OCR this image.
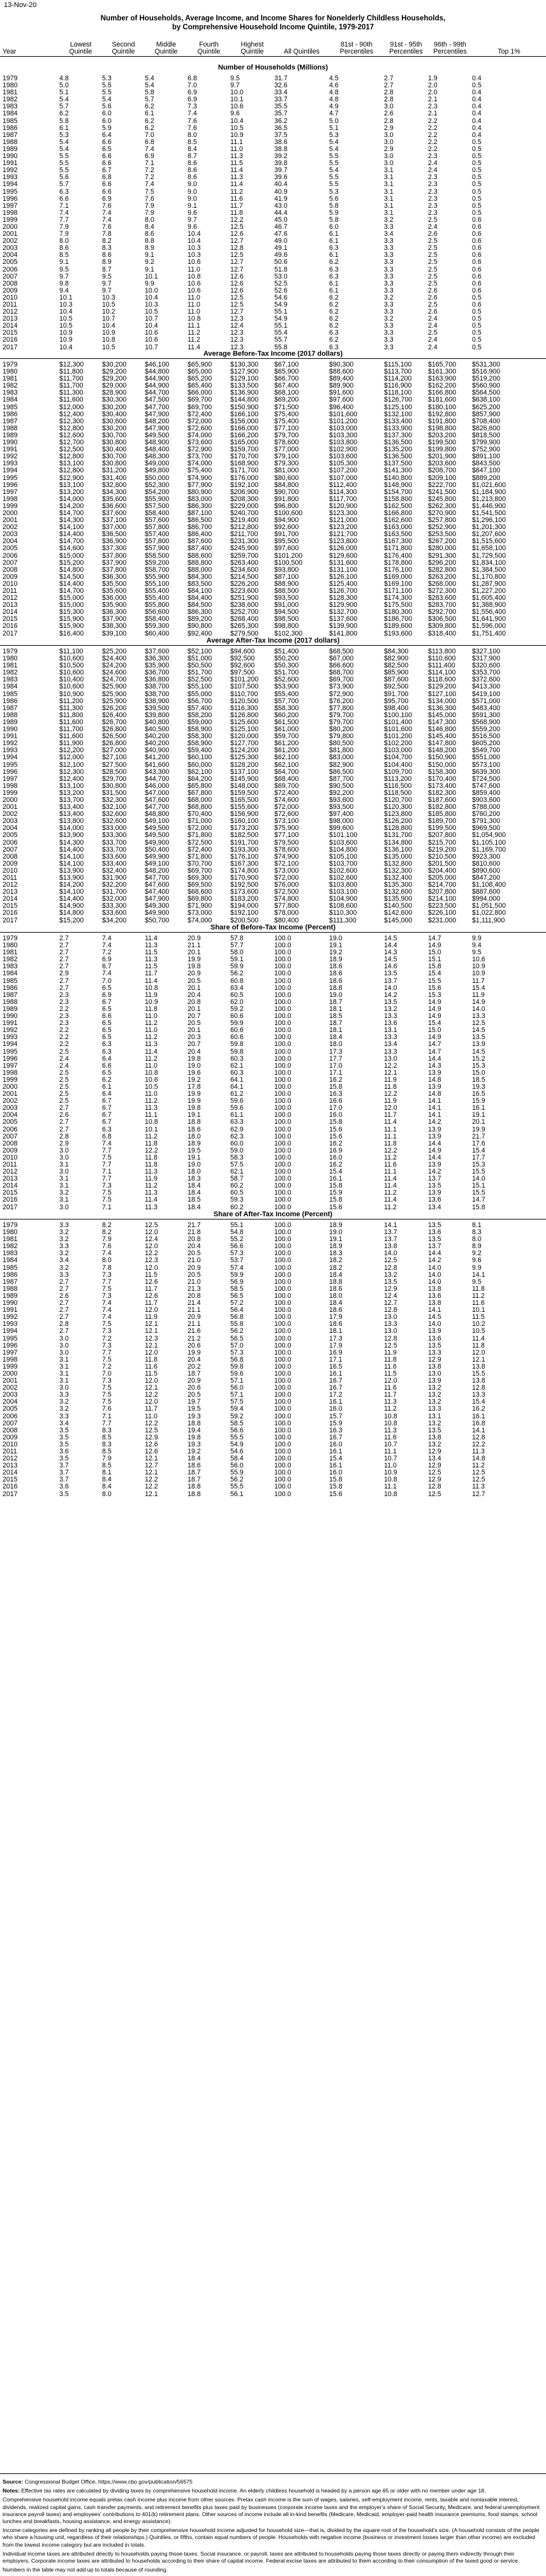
13-Nov-20
Number of Households, Average Income, and Income Shares for Nonelderly Childless Households,
by Comprehensive Household Income Quintile, 1979-2017
Year	Lowest Quintile	Second Quintile	Middle Quintile	Fourth Quintile	Highest Quintile	All Quintiles	81st - 90th Percentiles	91st - 95th Percentiles	96th - 99th Percentiles	Top 1%
Number of Households (Millions)
1979	4.8	5.3	5.4	6.8	9.5	31.7	4.5	2.7	1.9	0.4
1980	5.0	5.5	5.4	7.0	9.7	32.6	4.6	2.7	2.0	0.5
1981	5.1	5.5	5.8	6.9	10.0	33.4	4.8	2.8	2.0	0.4
1982	5.4	5.4	5.7	6.9	10.1	33.7	4.8	2.8	2.1	0.4
1983	5.7	5.6	6.2	7.3	10.6	35.5	4.9	3.0	2.3	0.4
1984	6.2	6.0	6.1	7.4	9.6	35.7	4.7	2.6	2.1	0.4
1985	5.8	6.0	6.2	7.6	10.4	36.2	5.0	2.8	2.2	0.4
1986	6.1	5.9	6.2	7.6	10.5	36.5	5.1	2.9	2.2	0.4
1987	5.3	6.4	7.0	8.0	10.9	37.5	5.3	3.0	2.2	0.4
1988	5.4	6.6	6.8	8.5	11.1	38.6	5.4	3.0	2.2	0.5
1989	5.4	6.5	7.4	8.4	11.0	38.8	5.4	2.9	2.2	0.5
1990	5.5	6.6	6.9	8.7	11.3	39.2	5.5	3.0	2.3	0.5
1991	5.5	6.6	7.1	8.6	11.5	39.8	5.5	3.0	2.4	0.5
1992	5.5	6.7	7.2	8.6	11.4	39.7	5.4	3.1	2.4	0.5
1993	5.6	6.8	7.2	8.6	11.3	39.6	5.5	3.1	2.3	0.5
1994	5.7	6.6	7.4	9.0	11.4	40.4	5.5	3.1	2.3	0.5
1995	6.3	6.6	7.5	9.0	11.2	40.9	5.3	3.1	2.3	0.5
1996	6.6	6.9	7.6	9.0	11.6	41.9	5.6	3.1	2.3	0.5
1997	7.1	7.6	7.9	9.1	11.7	43.0	5.8	3.1	2.3	0.5
1998	7.4	7.4	7.9	9.6	11.8	44.4	5.9	3.1	2.3	0.5
1999	7.7	7.4	8.0	9.7	12.2	45.0	5.8	3.2	2.5	0.6
2000	7.9	7.6	8.4	9.6	12.5	46.7	6.0	3.3	2.4	0.6
2001	7.9	7.8	8.6	10.4	12.6	47.6	6.1	3.4	2.6	0.6
2002	8.0	8.2	8.8	10.4	12.7	49.0	6.1	3.3	2.5	0.6
2003	8.6	8.3	8.9	10.3	12.8	49.1	6.3	3.3	2.5	0.6
2004	8.5	8.6	9.1	10.3	12.5	49.6	6.1	3.3	2.5	0.6
2005	9.1	8.9	9.2	10.6	12.7	50.6	6.2	3.3	2.5	0.6
2006	9.5	8.7	9.1	11.0	12.7	51.8	6.3	3.3	2.5	0.6
2007	9.7	9.5	10.1	10.8	12.6	53.0	6.3	3.3	2.5	0.6
2008	9.8	9.7	9.9	10.6	12.6	52.5	6.1	3.3	2.5	0.6
2009	9.4	9.7	10.0	10.6	12.6	52.6	6.1	3.3	2.6	0.6
2010	10.1	10.3	10.4	11.0	12.5	54.6	6.2	3.2	2.6	0.5
2011	10.3	10.5	10.3	11.0	12.5	54.9	6.2	3.3	2.5	0.6
2012	10.4	10.2	10.5	11.0	12.7	55.1	6.2	3.3	2.6	0.5
2013	10.5	10.7	10.7	10.8	12.3	54.9	6.2	3.2	2.4	0.5
2014	10.5	10.4	10.4	11.1	12.4	55.1	6.2	3.3	2.4	0.5
2015	10.9	10.9	10.6	11.2	12.3	55.4	6.3	3.3	2.5	0.5
2016	10.9	10.8	10.6	11.2	12.3	55.7	6.2	3.3	2.4	0.5
2017	10.4	10.5	10.7	11.4	12.3	55.8	6.3	3.3	2.4	0.5
Average Before-Tax Income (2017 dollars)
1979	$12,300	$30,200	$46,100	$65,900	$130,300	$67,100	$90,300	$115,100	$165,700	$531,300
1980	$11,800	$29,200	$44,800	$65,000	$127,900	$65,900	$88,600	$113,700	$161,300	$516,900
1981	$11,700	$29,200	$44,900	$65,200	$129,100	$66,700	$89,400	$114,200	$163,900	$519,200
1982	$11,700	$29,000	$44,900	$65,400	$133,500	$67,400	$89,900	$116,900	$162,200	$560,900
1983	$11,300	$28,900	$44,700	$66,000	$136,900	$68,100	$91,600	$118,100	$166,800	$564,500
1984	$11,600	$30,300	$47,500	$69,700	$144,800	$69,200	$97,600	$126,700	$181,600	$638,100
1985	$12,000	$30,200	$47,700	$69,700	$150,900	$71,500	$96,400	$125,100	$180,100	$625,200
1986	$12,400	$30,400	$47,900	$72,400	$166,100	$75,400	$101,600	$132,100	$192,800	$857,900
1987	$12,300	$30,600	$48,200	$72,000	$156,000	$75,400	$101,200	$133,400	$191,800	$708,400
1988	$12,800	$30,200	$47,900	$72,600	$166,000	$77,100	$103,000	$133,900	$198,800	$826,600
1989	$12,600	$30,700	$49,500	$74,000	$166,200	$79,700	$103,300	$137,300	$203,200	$818,500
1990	$12,700	$30,800	$48,900	$73,600	$165,000	$78,600	$103,800	$136,500	$199,500	$799,900
1991	$12,500	$30,400	$48,400	$72,900	$159,700	$77,000	$102,900	$135,200	$199,800	$752,900
1992	$12,800	$30,700	$48,300	$73,700	$170,700	$79,100	$103,600	$136,500	$201,900	$891,100
1993	$13,100	$30,800	$49,000	$74,000	$168,900	$79,300	$105,300	$137,500	$203,600	$843,500
1994	$12,800	$31,200	$49,800	$75,400	$171,700	$81,000	$107,200	$141,300	$208,700	$847,100
1995	$12,900	$31,400	$50,000	$74,900	$176,000	$80,600	$107,000	$140,800	$209,100	$889,200
1996	$13,100	$32,800	$52,300	$77,900	$192,100	$84,800	$112,400	$148,900	$222,700	$1,021,600
1997	$13,200	$34,300	$54,200	$80,900	$206,900	$90,700	$114,300	$154,700	$241,500	$1,184,900
1998	$14,000	$35,600	$55,900	$83,000	$208,300	$91,800	$117,700	$158,800	$245,800	$1,213,800
1999	$14,200	$36,600	$57,500	$86,300	$229,000	$96,800	$120,900	$162,500	$262,300	$1,446,900
2000	$14,700	$37,600	$58,400	$87,100	$240,700	$100,600	$123,300	$166,800	$270,900	$1,541,500
2001	$14,300	$37,100	$57,600	$86,500	$219,400	$94,900	$121,000	$162,600	$257,800	$1,296,100
2002	$14,100	$37,000	$57,800	$86,700	$212,800	$92,600	$123,200	$163,000	$252,900	$1,201,300
2003	$14,400	$36,500	$57,400	$86,400	$211,700	$91,700	$121,700	$163,500	$253,500	$1,207,600
2004	$14,700	$36,900	$57,800	$87,600	$231,300	$95,500	$123,800	$167,300	$267,200	$1,515,600
2005	$14,600	$37,300	$57,900	$87,400	$245,900	$97,600	$126,000	$171,800	$280,000	$1,658,100
2006	$15,000	$37,800	$58,500	$88,600	$259,700	$101,200	$129,600	$176,400	$291,300	$1,729,500
2007	$15,200	$37,900	$59,200	$88,800	$263,400	$100,500	$131,600	$178,800	$296,200	$1,834,100
2008	$14,800	$37,800	$58,700	$88,000	$234,600	$93,800	$131,100	$176,100	$282,800	$1,384,500
2009	$14,500	$36,300	$55,900	$84,300	$214,500	$87,100	$126,100	$169,000	$263,200	$1,170,800
2010	$14,400	$35,500	$55,100	$83,500	$226,200	$88,900	$125,400	$169,100	$268,000	$1,287,900
2011	$14,700	$35,600	$55,400	$84,100	$223,600	$88,500	$126,700	$171,100	$272,300	$1,227,200
2012	$15,000	$36,000	$55,400	$84,400	$251,900	$93,500	$128,300	$174,300	$283,600	$1,605,400
2013	$15,000	$35,900	$55,800	$84,500	$238,600	$91,000	$129,900	$175,500	$283,700	$1,388,900
2014	$15,300	$36,300	$56,600	$86,300	$252,700	$94,500	$132,700	$180,300	$292,700	$1,556,400
2015	$15,900	$37,900	$58,400	$89,200	$268,400	$98,500	$137,600	$186,700	$306,500	$1,641,900
2016	$15,900	$38,300	$59,300	$90,800	$265,300	$98,800	$139,900	$189,600	$309,800	$1,596,000
2017	$16,400	$39,100	$60,400	$92,400	$279,500	$102,300	$141,800	$193,600	$318,400	$1,751,400
Average After-Tax Income (2017 dollars)
1979	$11,100	$25,200	$37,600	$52,100	$94,600	$51,400	$68,500	$84,300	$113,800	$327,100
1980	$10,600	$24,400	$36,300	$51,000	$92,500	$50,200	$67,000	$82,900	$110,600	$317,900
1981	$10,500	$24,200	$35,900	$50,500	$92,600	$50,300	$66,600	$82,500	$111,400	$320,600
1982	$10,600	$24,600	$36,700	$51,700	$97,500	$51,700	$68,700	$85,900	$114,100	$353,700
1983	$10,400	$24,700	$36,800	$52,500	$101,200	$52,600	$69,700	$87,600	$118,600	$372,600
1984	$10,600	$25,900	$38,700	$55,100	$107,500	$53,900	$73,900	$92,500	$129,200	$413,300
1985	$10,900	$25,900	$38,700	$55,000	$110,700	$55,400	$72,900	$91,700	$127,100	$419,100
1986	$11,200	$25,900	$38,900	$56,700	$120,500	$57,700	$76,200	$95,700	$134,000	$571,000
1987	$11,300	$26,200	$39,500	$57,400	$116,300	$58,300	$77,800	$98,400	$136,300	$483,400
1988	$11,800	$26,400	$39,800	$58,200	$126,800	$60,200	$79,700	$100,100	$145,000	$591,300
1989	$11,600	$26,700	$40,800	$59,000	$125,600	$61,500	$79,700	$101,400	$147,300	$568,900
1990	$11,700	$26,800	$40,500	$58,900	$125,100	$61,000	$80,200	$101,600	$146,800	$559,200
1991	$11,600	$26,500	$40,200	$58,300	$120,000	$59,700	$79,800	$101,200	$145,400	$516,500
1992	$11,900	$26,800	$40,200	$58,900	$127,700	$61,200	$80,500	$102,200	$147,800	$605,200
1993	$12,200	$27,000	$40,900	$59,400	$124,200	$61,200	$81,800	$103,000	$148,200	$549,700
1994	$12,000	$27,100	$41,200	$60,100	$125,300	$62,100	$83,000	$104,700	$150,900	$551,000
1995	$12,100	$27,500	$41,600	$60,000	$128,200	$62,100	$82,900	$104,400	$150,000	$573,100
1996	$12,300	$28,500	$43,300	$62,100	$137,100	$64,700	$86,500	$109,700	$158,300	$639,300
1997	$12,400	$29,700	$44,700	$64,200	$145,900	$68,400	$87,700	$113,200	$170,400	$724,500
1998	$13,100	$30,800	$46,000	$65,800	$148,000	$69,700	$90,500	$116,500	$173,400	$747,600
1999	$13,200	$31,500	$47,000	$67,800	$159,500	$72,400	$92,200	$118,500	$182,300	$859,400
2000	$13,700	$32,300	$47,600	$68,000	$165,500	$74,600	$93,600	$120,700	$187,600	$903,600
2001	$13,400	$32,100	$47,700	$68,800	$155,600	$72,000	$93,500	$120,300	$182,800	$788,000
2002	$13,400	$32,600	$48,800	$70,400	$156,900	$72,600	$97,400	$123,800	$185,800	$760,200
2003	$13,800	$32,600	$49,100	$71,000	$160,100	$73,100	$98,000	$126,200	$189,700	$791,300
2004	$14,000	$33,000	$49,500	$72,000	$173,200	$75,900	$99,600	$128,800	$199,500	$969,500
2005	$13,900	$33,300	$49,500	$71,800	$182,500	$77,100	$101,100	$131,700	$207,800	$1,054,900
2006	$14,300	$33,700	$49,900	$72,500	$191,700	$79,500	$103,600	$134,800	$215,700	$1,105,100
2007	$14,400	$33,700	$50,400	$72,400	$193,300	$78,600	$104,800	$136,100	$219,200	$1,169,700
2008	$14,100	$33,600	$49,900	$71,800	$176,100	$74,900	$105,100	$135,000	$210,500	$923,300
2009	$14,100	$33,400	$49,100	$70,700	$167,300	$72,100	$103,700	$132,800	$201,500	$810,600
2010	$13,900	$32,400	$48,200	$69,700	$174,800	$73,000	$102,600	$132,300	$204,400	$890,600
2011	$13,900	$31,900	$47,700	$69,300	$170,900	$72,000	$102,600	$132,400	$205,000	$847,200
2012	$14,200	$32,200	$47,600	$69,500	$192,500	$76,000	$103,800	$135,300	$214,700	$1,108,400
2013	$14,100	$31,700	$47,400	$68,600	$173,600	$72,500	$103,100	$132,600	$207,800	$887,600
2014	$14,400	$32,000	$47,900	$69,800	$183,200	$74,800	$104,900	$135,900	$214,100	$994,000
2015	$14,900	$33,300	$49,300	$71,900	$194,000	$77,800	$108,600	$140,500	$223,500	$1,051,500
2016	$14,800	$33,600	$49,900	$73,000	$192,100	$78,000	$110,300	$142,600	$226,100	$1,022,800
2017	$15,200	$34,200	$50,700	$74,000	$200,500	$80,400	$111,300	$145,000	$231,000	$1,111,900
Share of Before-Tax Income (Percent)
1979	2.7	7.4	11.4	20.9	57.8	100.0	19.0	14.5	14.7	9.9
1980	2.7	7.4	11.3	21.1	57.7	100.0	19.1	14.4	14.9	9.4
1981	2.7	7.2	11.5	20.1	58.0	100.0	19.2	14.3	15.0	9.5
1982	2.7	6.9	11.3	19.9	59.1	100.0	18.9	14.5	15.1	10.6
1983	2.7	6.7	11.5	19.8	59.9	100.0	18.6	14.6	15.8	10.9
1984	2.9	7.4	11.7	20.9	56.2	100.0	18.6	13.5	15.4	10.9
1985	2.7	7.0	11.4	20.5	60.8	100.0	18.6	13.7	15.5	11.7
1986	2.7	6.5	10.8	20.1	63.4	100.0	18.8	14.0	15.6	15.4
1987	2.3	6.9	11.9	20.4	60.5	100.0	19.0	14.2	15.3	11.9
1988	2.3	6.7	10.9	20.8	62.0	100.0	18.7	13.5	14.9	14.9
1989	2.2	6.5	11.8	20.1	59.2	100.0	18.1	13.2	14.9	14.0
1990	2.3	6.6	11.0	20.7	60.6	100.0	18.5	13.3	14.9	13.3
1991	2.3	6.5	11.2	20.5	59.9	100.0	18.7	13.6	15.4	12.5
1992	2.2	6.5	11.0	20.1	60.6	100.0	18.1	13.1	15.0	14.5
1993	2.2	6.5	11.2	20.3	60.6	100.0	18.4	13.3	14.9	13.5
1994	2.2	6.3	11.3	20.7	59.8	100.0	18.0	13.4	14.7	13.9
1995	2.5	6.3	11.4	20.4	59.8	100.0	17.3	13.3	14.7	14.5
1996	2.4	6.4	11.2	19.8	60.3	100.0	17.7	13.0	14.4	15.2
1997	2.4	6.6	11.0	19.0	62.1	100.0	17.0	12.2	14.3	15.3
1998	2.5	6.5	10.8	19.6	60.3	100.0	17.1	12.1	13.9	15.0
1999	2.5	6.2	10.6	19.2	64.1	100.0	16.2	11.9	14.8	18.5
2000	2.5	6.1	10.5	17.8	64.1	100.0	15.8	11.8	13.9	19.3
2001	2.5	6.4	11.0	19.9	61.2	100.0	16.3	12.2	14.8	16.5
2002	2.5	6.7	11.2	19.9	59.6	100.0	16.6	11.9	14.1	15.9
2003	2.7	6.7	11.3	19.8	59.6	100.0	17.0	12.0	14.1	16.1
2004	2.6	6.7	11.1	19.1	61.1	100.0	16.0	11.7	14.1	19.1
2005	2.7	6.7	10.8	18.8	63.3	100.0	15.8	11.4	14.2	20.1
2006	2.7	6.3	10.1	18.6	62.9	100.0	15.6	11.1	13.9	19.9
2007	2.8	6.8	11.2	18.0	62.3	100.0	15.6	11.1	13.9	21.7
2008	2.9	7.4	11.8	18.9	60.0	100.0	16.2	11.8	14.4	17.6
2009	3.0	7.7	12.2	19.5	59.0	100.0	16.9	12.2	14.9	15.4
2010	3.0	7.5	11.8	19.1	58.3	100.0	16.0	11.2	14.4	17.7
2011	3.1	7.7	11.8	19.0	57.5	100.0	16.2	11.6	13.9	15.3
2012	3.0	7.1	11.3	18.0	62.1	100.0	15.4	11.1	14.2	15.5
2013	3.1	7.7	11.9	18.3	58.7	100.0	16.1	11.4	13.7	14.0
2014	3.1	7.3	11.2	18.4	60.2	100.0	15.8	11.4	13.5	15.1
2015	3.2	7.5	11.3	18.4	60.5	100.0	15.9	11.2	13.9	15.5
2016	3.1	7.5	11.4	18.5	59.3	100.0	15.8	11.4	13.6	14.7
2017	3.0	7.1	11.3	18.4	60.2	100.0	15.6	11.2	13.4	15.8
Share of After-Tax Income (Percent)
1979	3.3	8.2	12.5	21.7	55.1	100.0	18.9	14.1	13.5	8.1
1980	3.2	8.2	12.0	21.8	54.8	100.0	19.0	13.7	13.6	8.3
1981	3.2	7.9	12.4	20.8	55.2	100.0	19.1	13.7	13.5	8.0
1982	3.3	7.6	12.0	20.4	56.6	100.0	18.9	13.8	13.7	8.9
1983	3.2	7.4	12.2	20.5	57.3	100.0	18.3	14.0	14.4	9.2
1984	3.4	8.0	12.3	21.0	53.7	100.0	18.2	12.5	14.2	9.6
1985	3.2	7.8	12.0	20.9	57.4	100.0	18.2	12.8	14.0	9.9
1986	3.3	7.3	11.5	20.5	59.9	100.0	18.4	13.2	14.0	14.1
1987	2.7	7.7	12.6	21.0	56.9	100.0	18.8	13.5	14.0	9.5
1988	2.7	7.5	11.7	21.3	58.5	100.0	18.6	12.9	13.8	11.8
1989	2.6	7.3	12.6	20.8	56.5	100.0	18.0	12.4	13.6	11.2
1990	2.7	7.4	11.7	21.4	57.2	100.0	18.4	12.7	13.8	11.6
1991	2.7	7.4	12.0	21.1	56.4	100.0	18.6	12.8	14.1	10.1
1992	2.7	7.4	11.9	20.9	56.8	100.0	17.9	13.0	14.5	11.5
1993	2.8	7.5	12.1	21.1	55.8	100.0	18.6	13.3	14.0	10.2
1994	2.7	7.3	12.1	21.6	56.2	100.0	18.1	13.0	13.9	10.5
1995	3.0	7.2	12.3	21.2	56.5	100.0	17.3	12.8	13.6	11.4
1996	3.0	7.3	12.1	20.6	57.0	100.0	17.9	12.5	13.5	11.8
1997	3.0	7.7	12.0	19.9	57.3	100.0	16.9	11.9	13.3	12.0
1998	3.1	7.5	11.8	20.4	56.8	100.0	17.1	11.8	12.9	12.1
1999	3.1	7.2	11.6	20.2	59.8	100.0	16.5	11.6	13.8	13.8
2000	3.1	7.0	11.5	18.7	59.6	100.0	16.1	11.5	13.0	15.5
2001	3.1	7.3	12.0	20.9	57.1	100.0	16.7	12.0	13.9	13.8
2002	3.0	7.5	12.1	20.6	56.0	100.0	16.7	11.6	13.2	12.8
2003	3.3	7.5	12.2	20.5	57.1	100.0	17.2	11.7	13.2	13.3
2004	3.2	7.5	12.0	19.7	57.5	100.0	16.1	11.3	13.2	15.4
2005	3.2	7.6	11.7	19.5	59.4	100.0	16.0	11.2	13.3	16.2
2006	3.3	7.1	11.0	19.3	59.2	100.0	15.7	10.8	13.1	16.1
2007	3.4	7.7	12.2	18.8	58.5	100.0	15.9	10.8	13.2	16.8
2008	3.5	8.3	12.5	19.4	56.6	100.0	16.3	11.3	13.5	14.1
2009	3.5	8.5	12.9	19.8	55.5	100.0	16.7	11.6	13.8	12.8
2010	3.5	8.3	12.6	19.3	54.9	100.0	16.0	10.7	13.2	12.2
2011	3.6	8.5	12.6	19.2	54.6	100.0	16.1	11.1	12.9	11.3
2012	3.5	7.9	12.1	18.4	58.4	100.0	15.4	10.7	13.4	14.8
2013	3.7	8.5	12.7	18.6	56.0	100.0	16.1	11.0	12.9	11.2
2014	3.7	8.1	12.1	18.7	55.9	100.0	16.0	10.9	12.5	12.5
2015	3.7	8.4	12.2	18.7	56.2	100.0	15.8	10.8	12.9	12.5
2016	3.6	8.4	12.2	18.8	55.5	100.0	15.8	11.1	12.8	11.3
2017	3.5	8.0	12.1	18.8	56.1	100.0	15.6	10.8	12.5	12.7

Source: Congressional Budget Office, https://www.cbo.gov/publication/56575

Notes: Effective tax rates are calculated by dividing taxes by comprehensive household income. An elderly childless household is headed by a person age 65 or older with no member under age 18.

Comprehensive household income equals pretax cash income plus income from other sources. Pretax cash income is the sum of wages, salaries, self-employment income, rents, taxable and nontaxable interest, dividends, realized capital gains, cash transfer payments, and retirement benefits plus taxes paid by businesses (corporate income taxes and the employer's share of Social Security, Medicare, and federal unemployment insurance payroll taxes) and employees' contributions to 401(k) retirement plans. Other sources of income include all in-kind benefits (Medicare, Medicaid, employer-paid health insurance premiums, food stamps, school lunches and breakfasts, housing assistance, and energy assistance).

Income categories are defined by ranking all people by their comprehensive household income adjusted for household size—that is, divided by the square root of the household's size. (A household consists of the people who share a housing unit, regardless of their relationships.) Quintiles, or fifths, contain equal numbers of people. Households with negative income (business or investment losses larger than other income) are excluded from the lowest income category but are included in totals.

Individual income taxes are attributed directly to households paying those taxes. Social insurance, or payroll, taxes are attributed to households paying those taxes directly or paying them indirectly through their employers. Corporate income taxes are attributed to households according to their share of capital income. Federal excise taxes are attributed to them according to their consumption of the taxed good or service.

Numbers in the table may not add up to totals because of rounding.
